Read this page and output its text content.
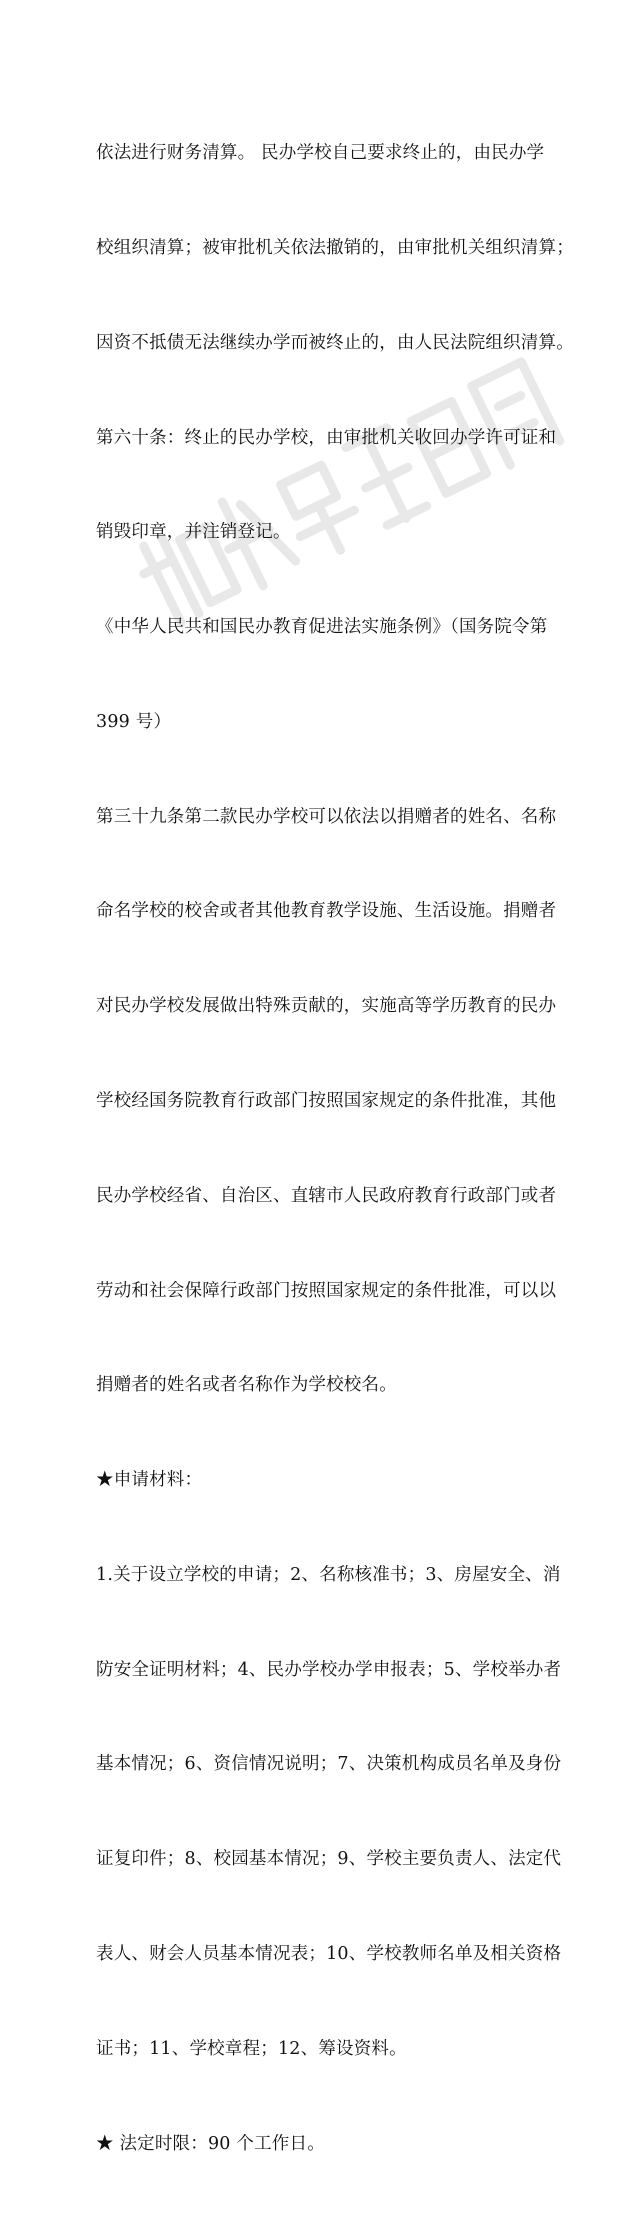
依法进行财务清算。 民办学校自己要求终止的，由民办学

校组织清算；被审批机关依法撤销的，由审批机关组织清算；

因资不抵债无法继续办学而被终止的，由人民法院组织清算。

第六十条：终止的民办学校，由审批机关收回办学许可证和

销毁印章，并注销登记。

《中华人民共和国民办教育促进法实施条例》（国务院令第

399 号）

第三十九条第二款民办学校可以依法以捐赠者的姓名、名称

命名学校的校舍或者其他教育教学设施、生活设施。捐赠者

对民办学校发展做出特殊贡献的，实施高等学历教育的民办

学校经国务院教育行政部门按照国家规定的条件批准，其他

民办学校经省、自治区、直辖市人民政府教育行政部门或者

劳动和社会保障行政部门按照国家规定的条件批准，可以以

捐赠者的姓名或者名称作为学校校名。

★申请材料：

1.关于设立学校的申请；2、名称核准书；3、房屋安全、消

防安全证明材料；4、民办学校办学申报表；5、学校举办者

基本情况；6、资信情况说明；7、决策机构成员名单及身份

证复印件；8、校园基本情况；9、学校主要负责人、法定代

表人、财会人员基本情况表；10、学校教师名单及相关资格

证书；11、学校章程；12、筹设资料。

★ 法定时限：90 个工作日。
